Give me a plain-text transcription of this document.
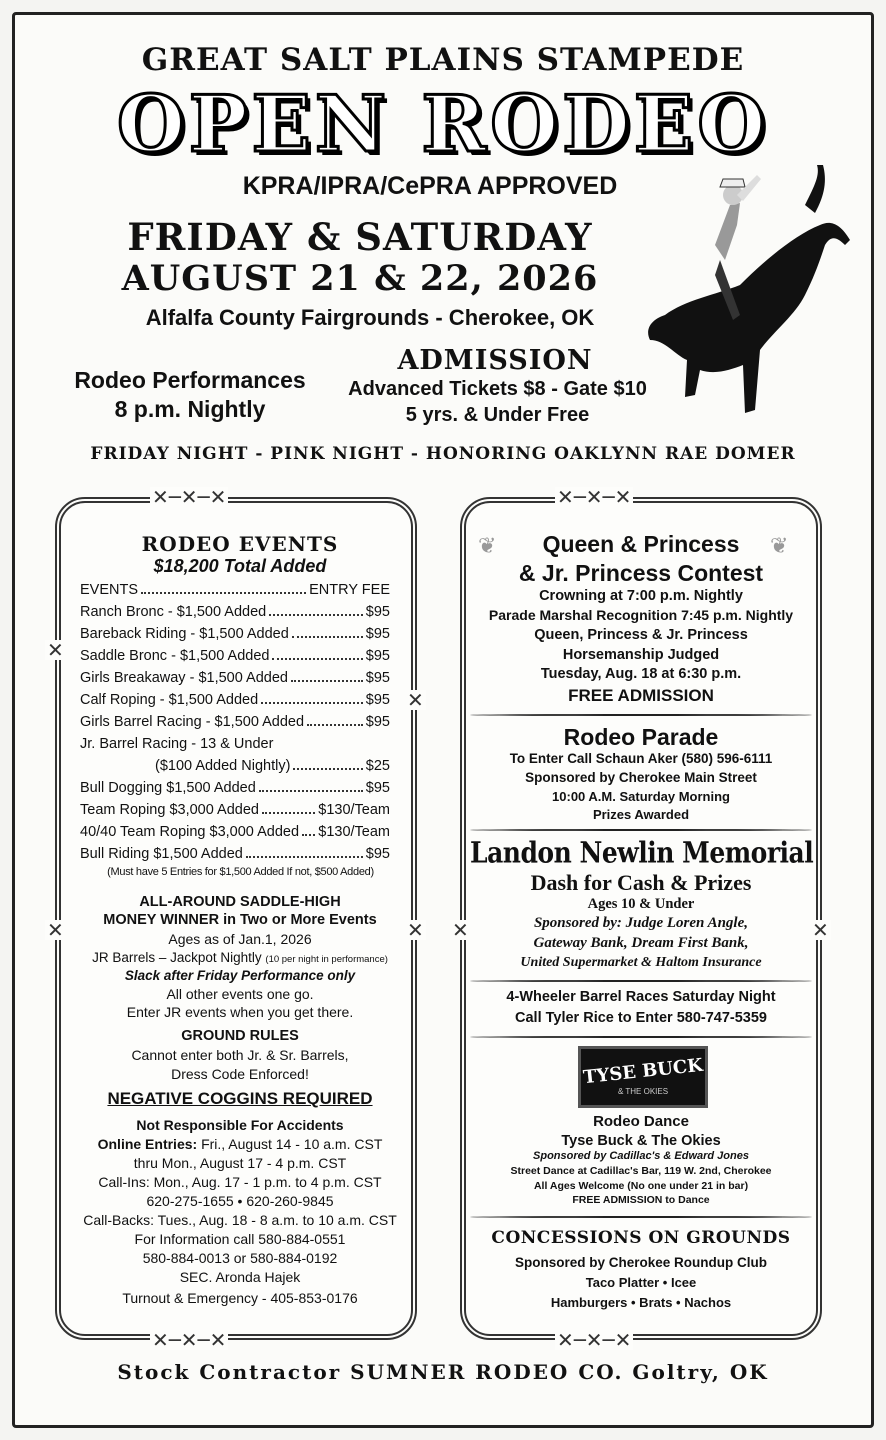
GREAT SALT PLAINS STAMPEDE
OPEN RODEO
KPRA/IPRA/CePRA APPROVED
FRIDAY & SATURDAY
AUGUST 21 & 22, 2026
Alfalfa County Fairgrounds - Cherokee, OK
Rodeo Performances
8 p.m. Nightly
ADMISSION
Advanced Tickets $8 - Gate $10
5 yrs. & Under Free
FRIDAY NIGHT - PINK NIGHT - HONORING OAKLYNN RAE DOMER
✕─✕─✕
✕
✕
✕	✕
✕─✕─✕
RODEO EVENTS
$18,200 Total Added
EVENTS	ENTRY FEE
Ranch Bronc - $1,500 Added	$95
Bareback Riding - $1,500 Added	$95
Saddle Bronc - $1,500 Added	$95
Girls Breakaway - $1,500 Added	$95
Calf Roping - $1,500 Added	$95
Girls Barrel Racing - $1,500 Added	$95
Jr. Barrel Racing - 13 & Under
($100 Added Nightly)	$25
Bull Dogging $1,500 Added	$95
Team Roping $3,000 Added	$130/Team
40/40 Team Roping $3,000 Added $130/Team
Bull Riding $1,500 Added	$95
(Must have 5 Entries for $1,500 Added If not, $500 Added)
ALL-AROUND SADDLE-HIGH
MONEY WINNER in Two or More Events
Ages as of Jan.1, 2026
JR Barrels – Jackpot Nightly (10 per night in performance)
Slack after Friday Performance only
All other events one go.
Enter JR events when you get there.
GROUND RULES
Cannot enter both Jr. & Sr. Barrels,
Dress Code Enforced!
NEGATIVE COGGINS REQUIRED
Not Responsible For Accidents
Online Entries: Fri., August 14 - 10 a.m. CST
thru Mon., August 17 - 4 p.m. CST
Call-Ins: Mon., Aug. 17 - 1 p.m. to 4 p.m. CST
620-275-1655 • 620-260-9845
Call-Backs: Tues., Aug. 18 - 8 a.m. to 10 a.m. CST
For Information call 580-884-0551
580-884-0013 or 580-884-0192
SEC. Aronda Hajek
Turnout & Emergency - 405-853-0176
✕─✕─✕
✕	✕
✕─✕─✕
❦	❦
Queen & Princess
& Jr. Princess Contest
Crowning at 7:00 p.m. Nightly
Parade Marshal Recognition 7:45 p.m. Nightly
Queen, Princess & Jr. Princess
Horsemanship Judged
Tuesday, Aug. 18 at 6:30 p.m.
FREE ADMISSION
Rodeo Parade
To Enter Call Schaun Aker (580) 596-6111
Sponsored by Cherokee Main Street
10:00 A.M. Saturday Morning
Prizes Awarded
Landon Newlin Memorial
Dash for Cash & Prizes
Ages 10 & Under
Sponsored by: Judge Loren Angle,
Gateway Bank, Dream First Bank,
United Supermarket & Haltom Insurance
4-Wheeler Barrel Races Saturday Night
Call Tyler Rice to Enter 580-747-5359
TYSE BUCK
& THE OKIES
Rodeo Dance
Tyse Buck & The Okies
Sponsored by Cadillac's & Edward Jones
Street Dance at Cadillac's Bar, 119 W. 2nd, Cherokee
All Ages Welcome (No one under 21 in bar)
FREE ADMISSION to Dance
CONCESSIONS ON GROUNDS
Sponsored by Cherokee Roundup Club
Taco Platter • Icee
Hamburgers • Brats • Nachos
Stock Contractor SUMNER RODEO CO. Goltry, OK
